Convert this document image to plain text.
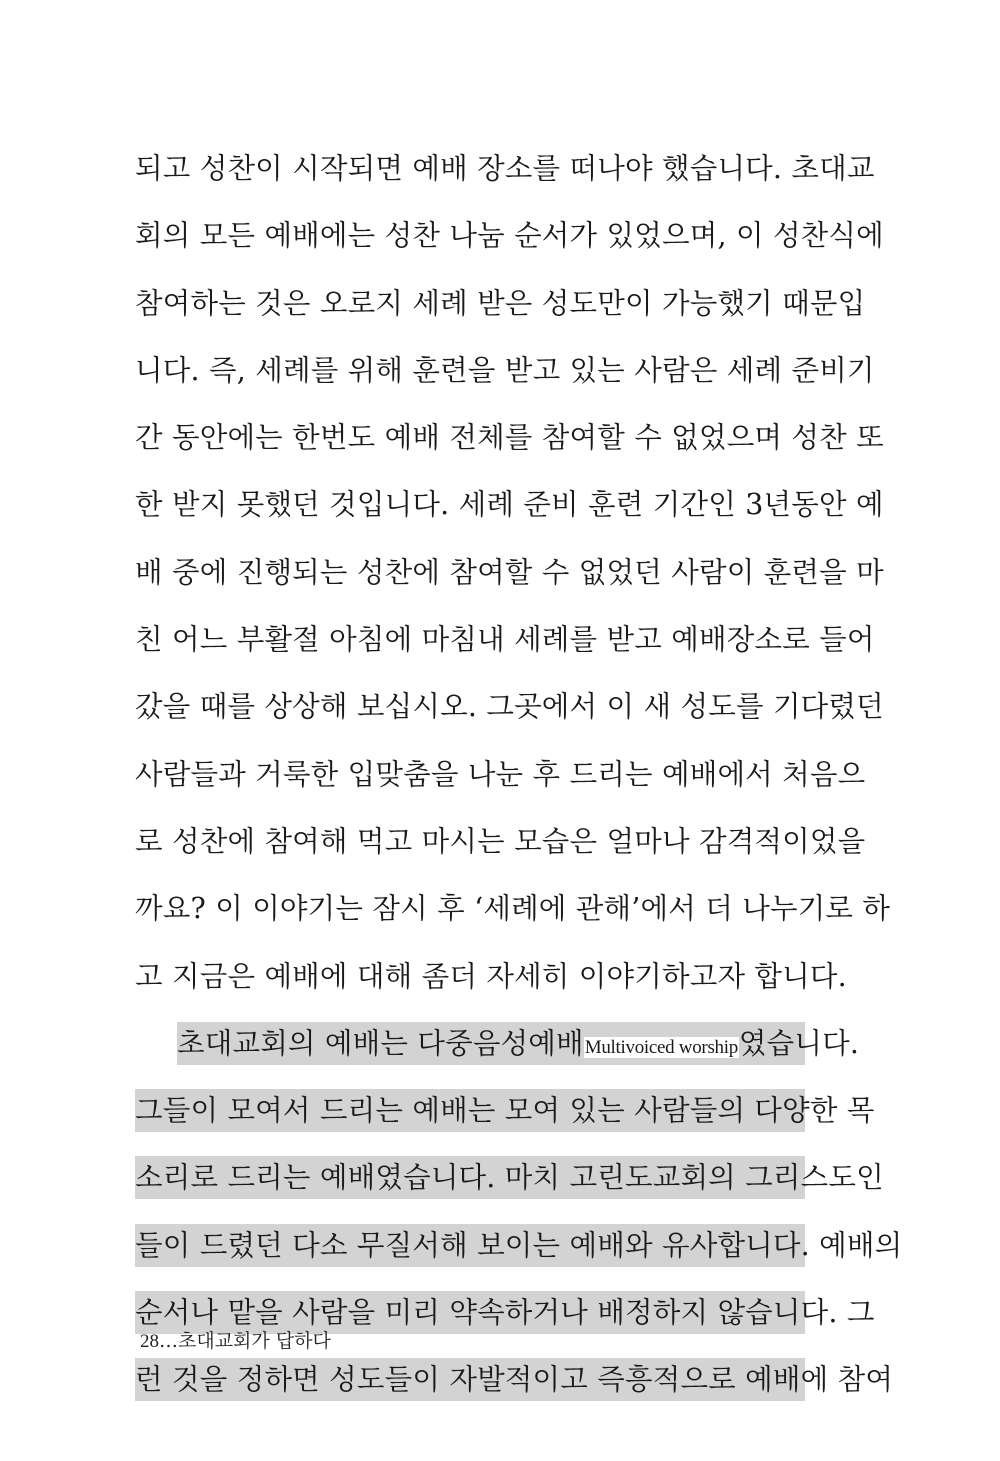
되고 성찬이 시작되면 예배 장소를 떠나야 했습니다. 초대교
회의 모든 예배에는 성찬 나눔 순서가 있었으며, 이 성찬식에
참여하는 것은 오로지 세례 받은 성도만이 가능했기 때문입
니다. 즉, 세례를 위해 훈련을 받고 있는 사람은 세례 준비기
간 동안에는 한번도 예배 전체를 참여할 수 없었으며 성찬 또
한 받지 못했던 것입니다. 세례 준비 훈련 기간인 3년동안 예
배 중에 진행되는 성찬에 참여할 수 없었던 사람이 훈련을 마
친 어느 부활절 아침에 마침내 세례를 받고 예배장소로 들어
갔을 때를 상상해 보십시오. 그곳에서 이 새 성도를 기다렸던
사람들과 거룩한 입맞춤을 나눈 후 드리는 예배에서 처음으
로 성찬에 참여해 먹고 마시는 모습은 얼마나 감격적이었을
까요? 이 이야기는 잠시 후 ‘세례에 관해’에서 더 나누기로 하
고 지금은 예배에 대해 좀더 자세히 이야기하고자 합니다.
초대교회의 예배는 다중음성예배Multivoiced worship였습니다.
그들이 모여서 드리는 예배는 모여 있는 사람들의 다양한 목
소리로 드리는 예배였습니다. 마치 고린도교회의 그리스도인
들이 드렸던 다소 무질서해 보이는 예배와 유사합니다. 예배의
순서나 맡을 사람을 미리 약속하거나 배정하지 않습니다. 그
런 것을 정하면 성도들이 자발적이고 즉흥적으로 예배에 참여
28…초대교회가 답하다
